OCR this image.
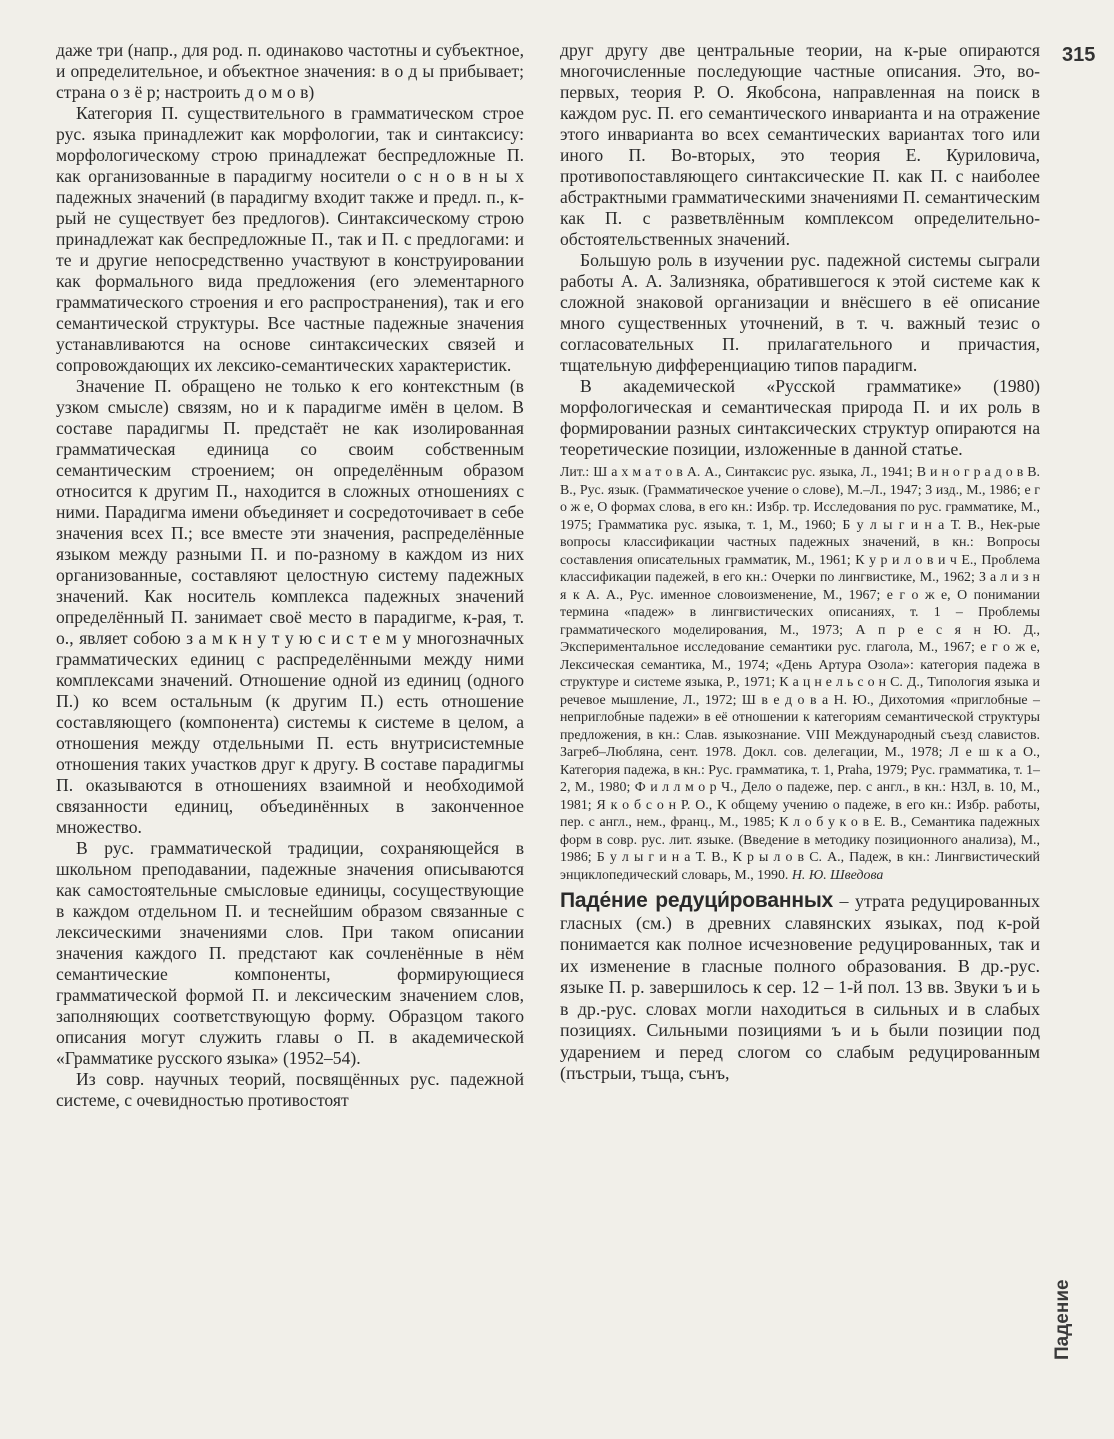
315
Падение

даже три (напр., для род. п. одинаково частотны и субъектное, и определительное, и объектное значения: в о д ы прибывает; страна о з ё р; настроить д о м о в)

Категория П. существительного в грамматическом строе рус. языка принадлежит как морфологии, так и синтаксису: морфологическому строю принадлежат беспредложные П. как организованные в парадигму носители о с н о в н ы х падежных значений (в парадигму входит также и предл. п., к-рый не существует без предлогов). Синтаксическому строю принадлежат как беспредложные П., так и П. с предлогами: и те и другие непосредственно участвуют в конструировании как формального вида предложения (его элементарного грамматического строения и его распространения), так и его семантической структуры. Все частные падежные значения устанавливаются на основе синтаксических связей и сопровождающих их лексико-семантических характеристик.

Значение П. обращено не только к его контекстным (в узком смысле) связям, но и к парадигме имён в целом. В составе парадигмы П. предстаёт не как изолированная грамматическая единица со своим собственным семантическим строением; он определённым образом относится к другим П., находится в сложных отношениях с ними. Парадигма имени объединяет и сосредоточивает в себе значения всех П.; все вместе эти значения, распределённые языком между разными П. и по-разному в каждом из них организованные, составляют целостную систему падежных значений. Как носитель комплекса падежных значений определённый П. занимает своё место в парадигме, к-рая, т. о., являет собою з а м к н у т у ю с и с т е м у многозначных грамматических единиц с распределёнными между ними комплексами значений. Отношение одной из единиц (одного П.) ко всем остальным (к другим П.) есть отношение составляющего (компонента) системы к системе в целом, а отношения между отдельными П. есть внутрисистемные отношения таких участков друг к другу. В составе парадигмы П. оказываются в отношениях взаимной и необходимой связанности единиц, объединённых в законченное множество.

В рус. грамматической традиции, сохраняющейся в школьном преподавании, падежные значения описываются как самостоятельные смысловые единицы, сосуществующие в каждом отдельном П. и теснейшим образом связанные с лексическими значениями слов. При таком описании значения каждого П. предстают как сочленённые в нём семантические компоненты, формирующиеся грамматической формой П. и лексическим значением слов, заполняющих соответствующую форму. Образцом такого описания могут служить главы о П. в академической «Грамматике русского языка» (1952–54).

Из совр. научных теорий, посвящённых рус. падежной системе, с очевидностью противостоят

друг другу две центральные теории, на к-рые опираются многочисленные последующие частные описания. Это, во-первых, теория Р. О. Якобсона, направленная на поиск в каждом рус. П. его семантического инварианта и на отражение этого инварианта во всех семантических вариантах того или иного П. Во-вторых, это теория Е. Куриловича, противопоставляющего синтаксические П. как П. с наиболее абстрактными грамматическими значениями П. семантическим как П. с разветвлённым комплексом определительно-обстоятельственных значений.

Большую роль в изучении рус. падежной системы сыграли работы А. А. Зализняка, обратившегося к этой системе как к сложной знаковой организации и внёсшего в её описание много существенных уточнений, в т. ч. важный тезис о согласовательных П. прилагательного и причастия, тщательную дифференциацию типов парадигм.

В академической «Русской грамматике» (1980) морфологическая и семантическая природа П. и их роль в формировании разных синтаксических структур опираются на теоретические позиции, изложенные в данной статье.

Лит.: Ш а х м а т о в А. А., Синтаксис рус. языка, Л., 1941; В и н о г р а д о в В. В., Рус. язык. (Грамматическое учение о слове), М.–Л., 1947; 3 изд., М., 1986; е г о ж е, О формах слова, в его кн.: Избр. тр. Исследования по рус. грамматике, М., 1975; Грамматика рус. языка, т. 1, М., 1960; Б у л ы г и н а Т. В., Нек-рые вопросы классификации частных падежных значений, в кн.: Вопросы составления описательных грамматик, М., 1961; К у р и л о в и ч Е., Проблема классификации падежей, в его кн.: Очерки по лингвистике, М., 1962; З а л и з н я к А. А., Рус. именное словоизменение, М., 1967; е г о ж е, О понимании термина «падеж» в лингвистических описаниях, т. 1 – Проблемы грамматического моделирования, М., 1973; А п р е с я н Ю. Д., Экспериментальное исследование семантики рус. глагола, М., 1967; е г о ж е, Лексическая семантика, М., 1974; «День Артура Озола»: категория падежа в структуре и системе языка, Р., 1971; К а ц н е л ь с о н С. Д., Типология языка и речевое мышление, Л., 1972; Ш в е д о в а Н. Ю., Дихотомия «приглобные – неприглобные падежи» в её отношении к категориям семантической структуры предложения, в кн.: Слав. языкознание. VIII Международный съезд славистов. Загреб–Любляна, сент. 1978. Докл. сов. делегации, М., 1978; Л е ш к а О., Категория падежа, в кн.: Рус. грамматика, т. 1, Praha, 1979; Рус. грамматика, т. 1–2, М., 1980; Ф и л л м о р Ч., Дело о падеже, пер. с англ., в кн.: НЗЛ, в. 10, М., 1981; Я к о б с о н Р. О., К общему учению о падеже, в его кн.: Избр. работы, пер. с англ., нем., франц., М., 1985; К л о б у к о в Е. В., Семантика падежных форм в совр. рус. лит. языке. (Введение в методику позиционного анализа), М., 1986; Б у л ы г и н а Т. В., К р ы л о в С. А., Падеж, в кн.: Лингвистический энциклопедический словарь, М., 1990. Н. Ю. Шведова

Паде́ние редуци́рованных – утрата редуцированных гласных (см.) в древних славянских языках, под к-рой понимается как полное исчезновение редуцированных, так и их изменение в гласные полного образования. В др.-рус. языке П. р. завершилось к сер. 12 – 1-й пол. 13 вв. Звуки ъ и ь в др.-рус. словах могли находиться в сильных и в слабых позициях. Сильными позициями ъ и ь были позиции под ударением и перед слогом со слабым редуцированным (пъстрыи, тъща, сънъ,
